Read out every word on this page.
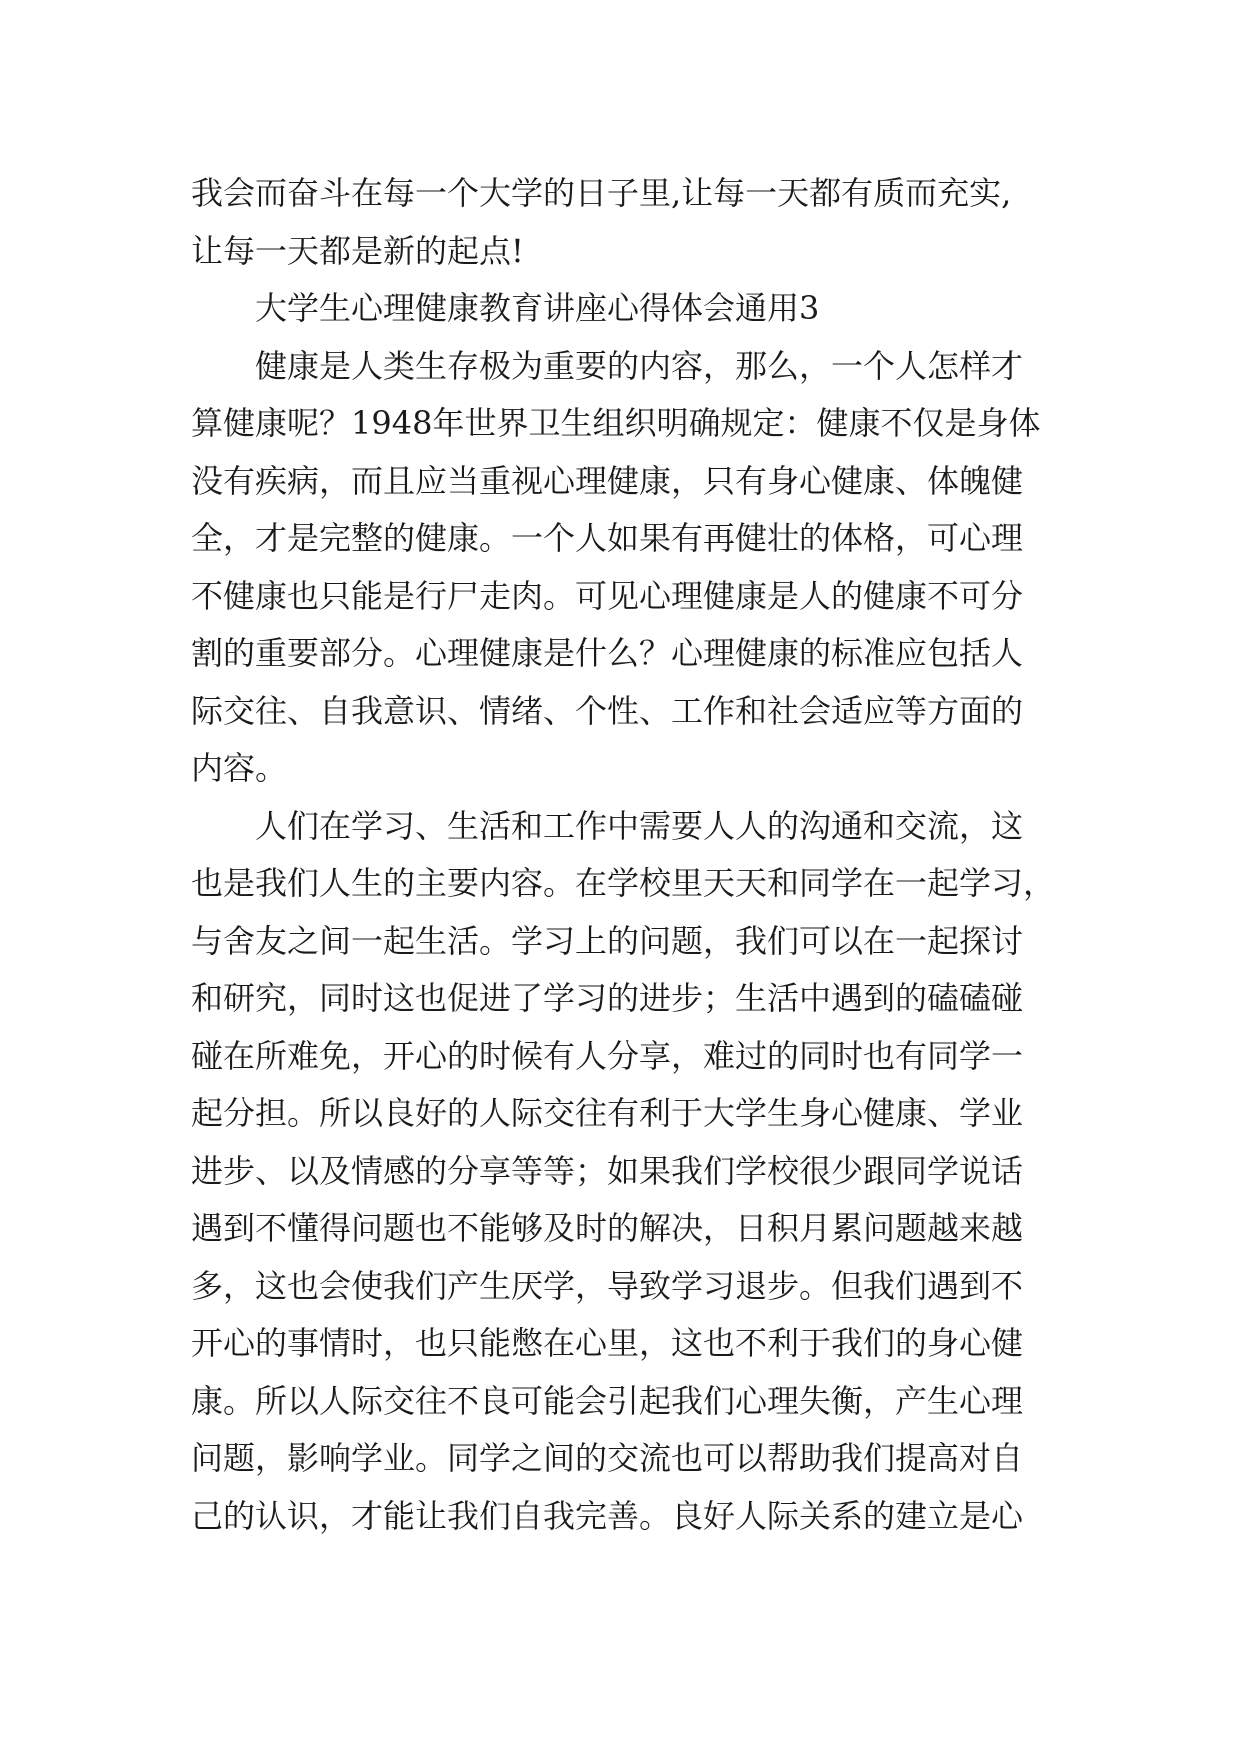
我会而奋斗在每一个大学的日子里,让每一天都有质而充实,
让每一天都是新的起点!
大学生心理健康教育讲座心得体会通用3
健康是人类生存极为重要的内容，那么，一个人怎样才
算健康呢？1948年世界卫生组织明确规定：健康不仅是身体
没有疾病，而且应当重视心理健康，只有身心健康、体魄健
全，才是完整的健康。一个人如果有再健壮的体格，可心理
不健康也只能是行尸走肉。可见心理健康是人的健康不可分
割的重要部分。心理健康是什么？心理健康的标准应包括人
际交往、自我意识、情绪、个性、工作和社会适应等方面的
内容。
人们在学习、生活和工作中需要人人的沟通和交流，这
也是我们人生的主要内容。在学校里天天和同学在一起学习，
与舍友之间一起生活。学习上的问题，我们可以在一起探讨
和研究，同时这也促进了学习的进步；生活中遇到的磕磕碰
碰在所难免，开心的时候有人分享，难过的同时也有同学一
起分担。所以良好的人际交往有利于大学生身心健康、学业
进步、以及情感的分享等等；如果我们学校很少跟同学说话
遇到不懂得问题也不能够及时的解决，日积月累问题越来越
多，这也会使我们产生厌学，导致学习退步。但我们遇到不
开心的事情时，也只能憋在心里，这也不利于我们的身心健
康。所以人际交往不良可能会引起我们心理失衡，产生心理
问题，影响学业。同学之间的交流也可以帮助我们提高对自
己的认识，才能让我们自我完善。良好人际关系的建立是心
